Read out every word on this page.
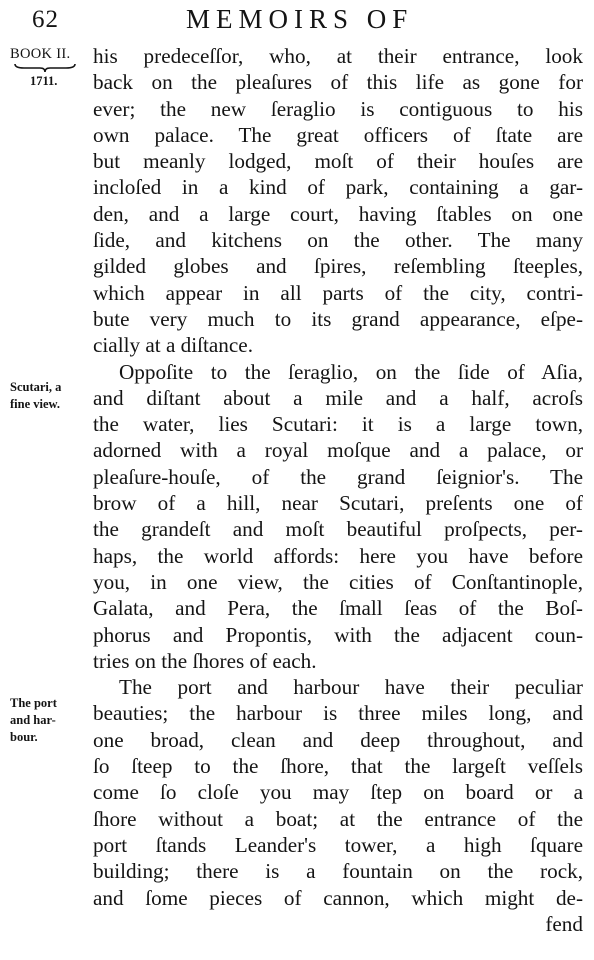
62	MEMOIRS OF
BOOK II.
1711.
Scutari, a
fine view.
The port
and har-
bour.
his predeceſſor, who, at their entrance, look
back on the pleaſures of this life as gone for
ever; the new ſeraglio is contiguous to his
own palace. The great officers of ſtate are
but meanly lodged, moſt of their houſes are
incloſed in a kind of park, containing a gar-
den, and a large court, having ſtables on one
ſide, and kitchens on the other. The many
gilded globes and ſpires, reſembling ſteeples,
which appear in all parts of the city, contri-
bute very much to its grand appearance, eſpe-
cially at a diſtance.
Oppoſite to the ſeraglio, on the ſide of Aſia,
and diſtant about a mile and a half, acroſs
the water, lies Scutari: it is a large town,
adorned with a royal moſque and a palace, or
pleaſure-houſe, of the grand ſeignior's. The
brow of a hill, near Scutari, preſents one of
the grandeſt and moſt beautiful proſpects, per-
haps, the world affords: here you have before
you, in one view, the cities of Conſtantinople,
Galata, and Pera, the ſmall ſeas of the Boſ-
phorus and Propontis, with the adjacent coun-
tries on the ſhores of each.
The port and harbour have their peculiar
beauties; the harbour is three miles long, and
one broad, clean and deep throughout, and
ſo ſteep to the ſhore, that the largeſt veſſels
come ſo cloſe you may ſtep on board or a
ſhore without a boat; at the entrance of the
port ſtands Leander's tower, a high ſquare
building; there is a fountain on the rock,
and ſome pieces of cannon, which might de-
fend
